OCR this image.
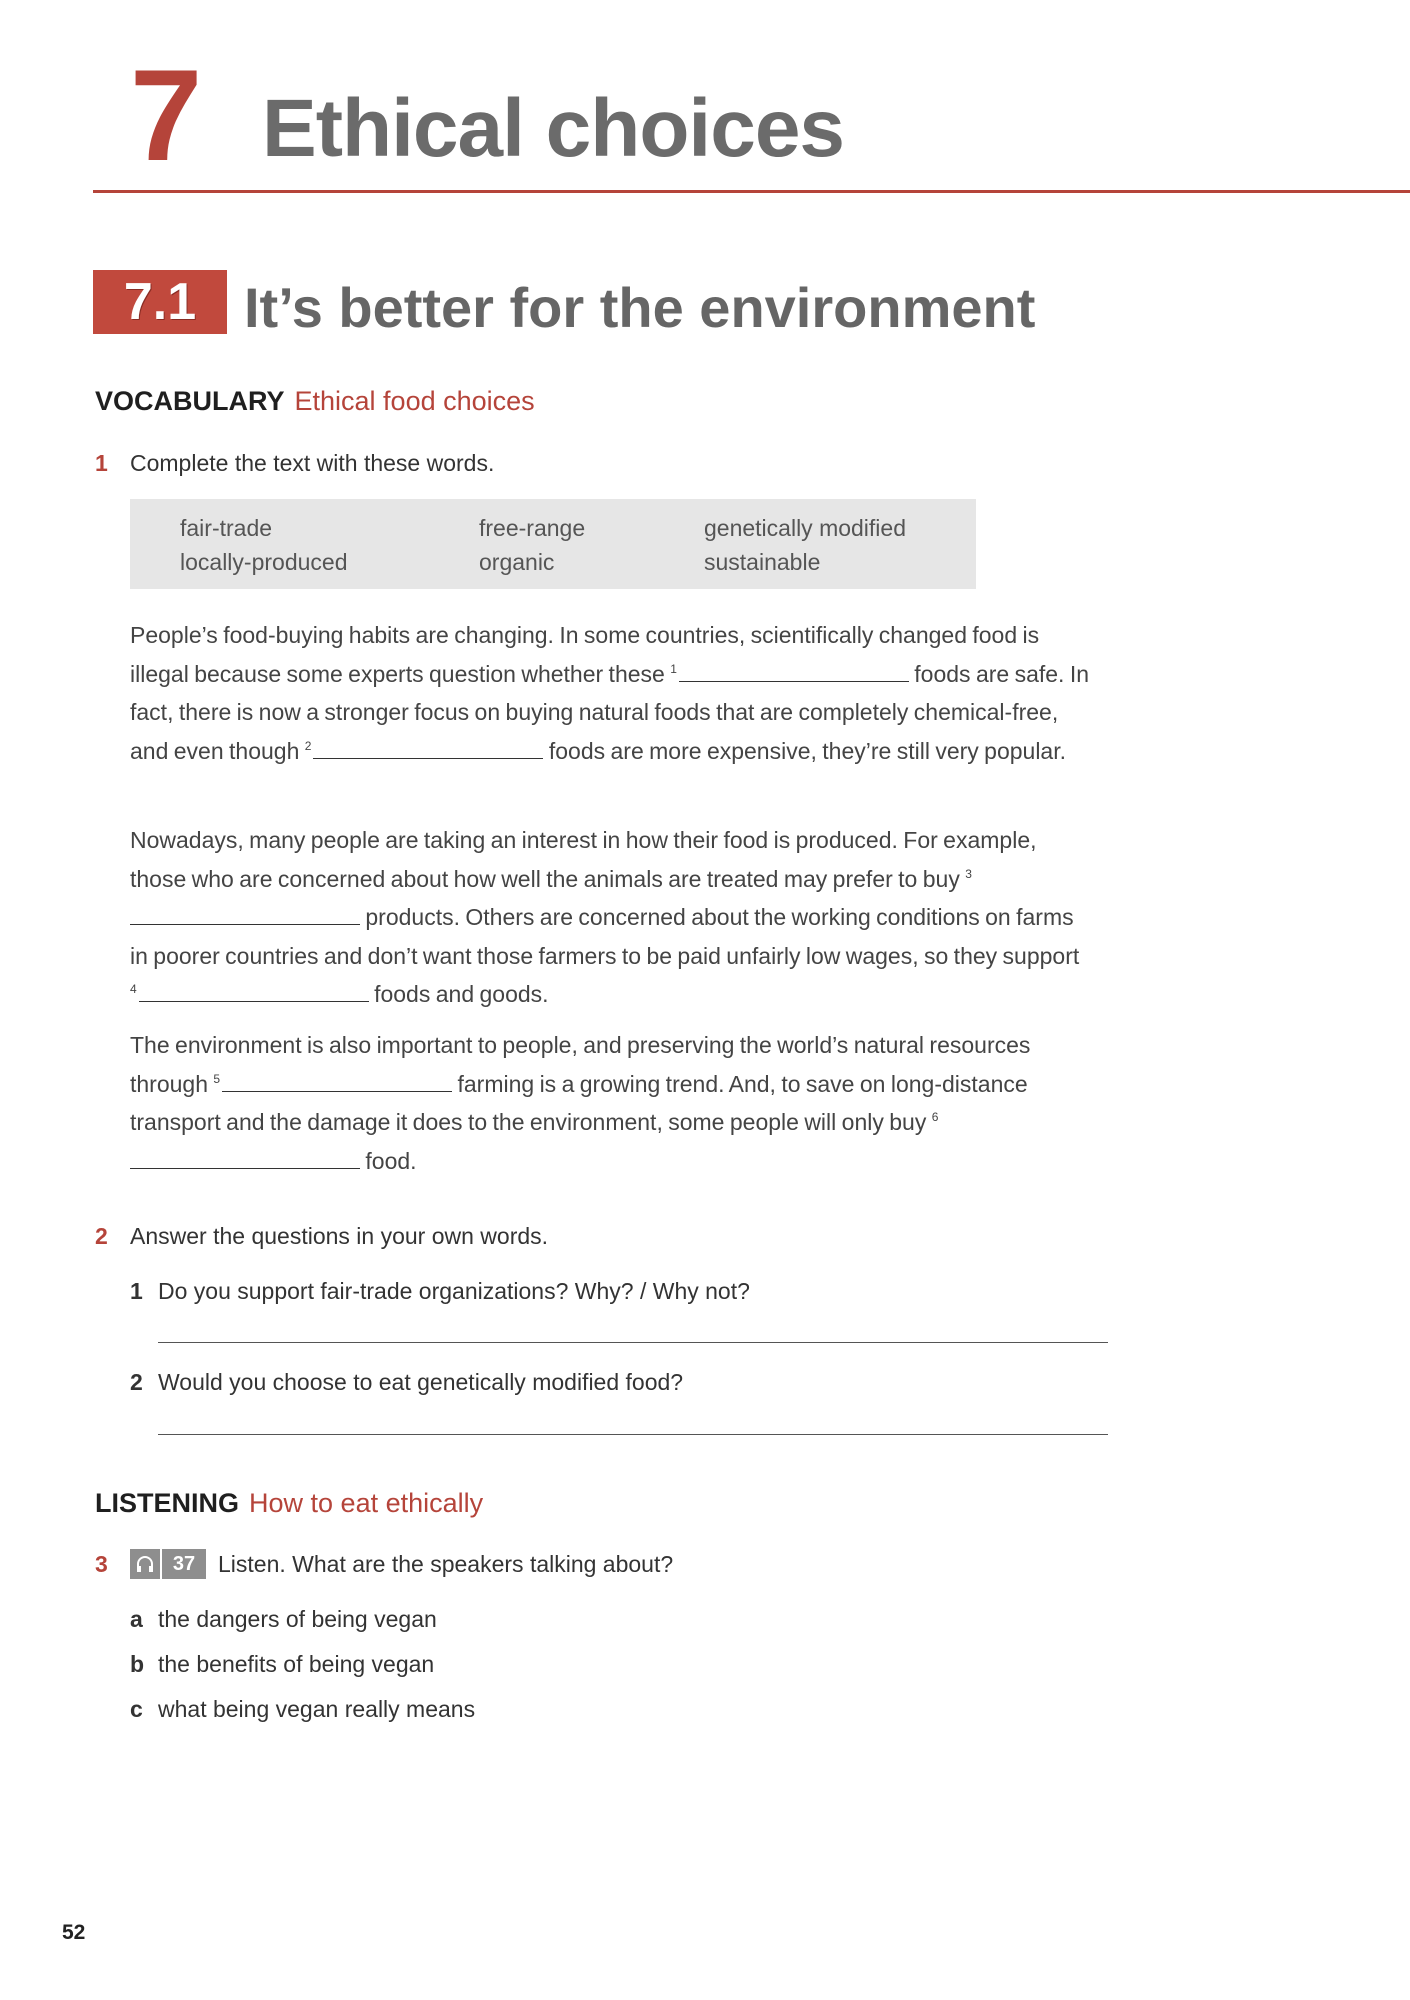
7 Ethical choices
7.1 It’s better for the environment
VOCABULARY Ethical food choices
1 Complete the text with these words.
fair-trade	free-range	genetically modified
locally-produced	organic	sustainable

People’s food-buying habits are changing. In some countries, scientifically changed food is illegal because some experts question whether these $^1$	foods are safe. In fact, there is now a stronger focus on buying natural foods that are completely chemical-free, and even though $^2$	foods are more expensive, they’re still very popular.

Nowadays, many people are taking an interest in how their food is produced. For example, those who are concerned about how well the animals are treated may prefer to buy $^3$ products. Others are concerned about the working conditions on farms in poorer countries and don’t want those farmers to be paid unfairly low wages, so they support $^4$	foods and goods.

The environment is also important to people, and preserving the world’s natural resources through $^5$	farming is a growing trend. And, to save on long-distance transport and the damage it does to the environment, some people will only buy $^6$ food.

2 Answer the questions in your own words.
1 Do you support fair-trade organizations? Why? / Why not?
2 Would you choose to eat genetically modified food?
LISTENING How to eat ethically
3	37 Listen. What are the speakers talking about?
a the dangers of being vegan
b the benefits of being vegan
c what being vegan really means
52
